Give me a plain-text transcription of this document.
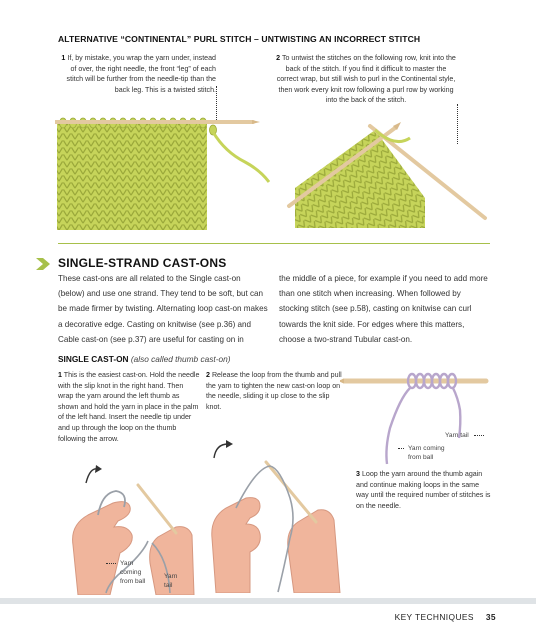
ALTERNATIVE “CONTINENTAL” PURL STITCH – UNTWISTING AN INCORRECT STITCH
1 If, by mistake, you wrap the yarn under, instead of over, the right needle, the front “leg” of each stitch will be further from the needle-tip than the back leg. This is a twisted stitch.
2 To untwist the stitches on the following row, knit into the back of the stitch. If you find it difficult to master the correct wrap, but still wish to purl in the Continental style, then work every knit row following a purl row by working into the back of the stitch.
SINGLE-STRAND CAST-ONS
These cast-ons are all related to the Single cast-on (below) and use one strand. They tend to be soft, but can be made firmer by twisting. Alternating loop cast-on makes a decorative edge. Casting on knitwise (see p.36) and Cable cast-on (see p.37) are useful for casting on in
the middle of a piece, for example if you need to add more than one stitch when increasing. When followed by stocking stitch (see p.58), casting on knitwise can curl towards the knit side. For edges where this matters, choose a two-strand Tubular cast-on.
SINGLE CAST-ON (also called thumb cast-on)
1 This is the easiest cast-on. Hold the needle with the slip knot in the right hand. Then wrap the yarn around the left thumb as shown and hold the yarn in place in the palm of the left hand. Insert the needle tip under and up through the loop on the thumb following the arrow.
2 Release the loop from the thumb and pull the yarn to tighten the new cast-on loop on the needle, sliding it up close to the slip knot.
3 Loop the yarn around the thumb again and continue making loops in the same way until the required number of stitches is on the needle.
Yarn coming from ball
Yarn tail
Yarn coming from ball
Yarn tail
KEY TECHNIQUES 35
